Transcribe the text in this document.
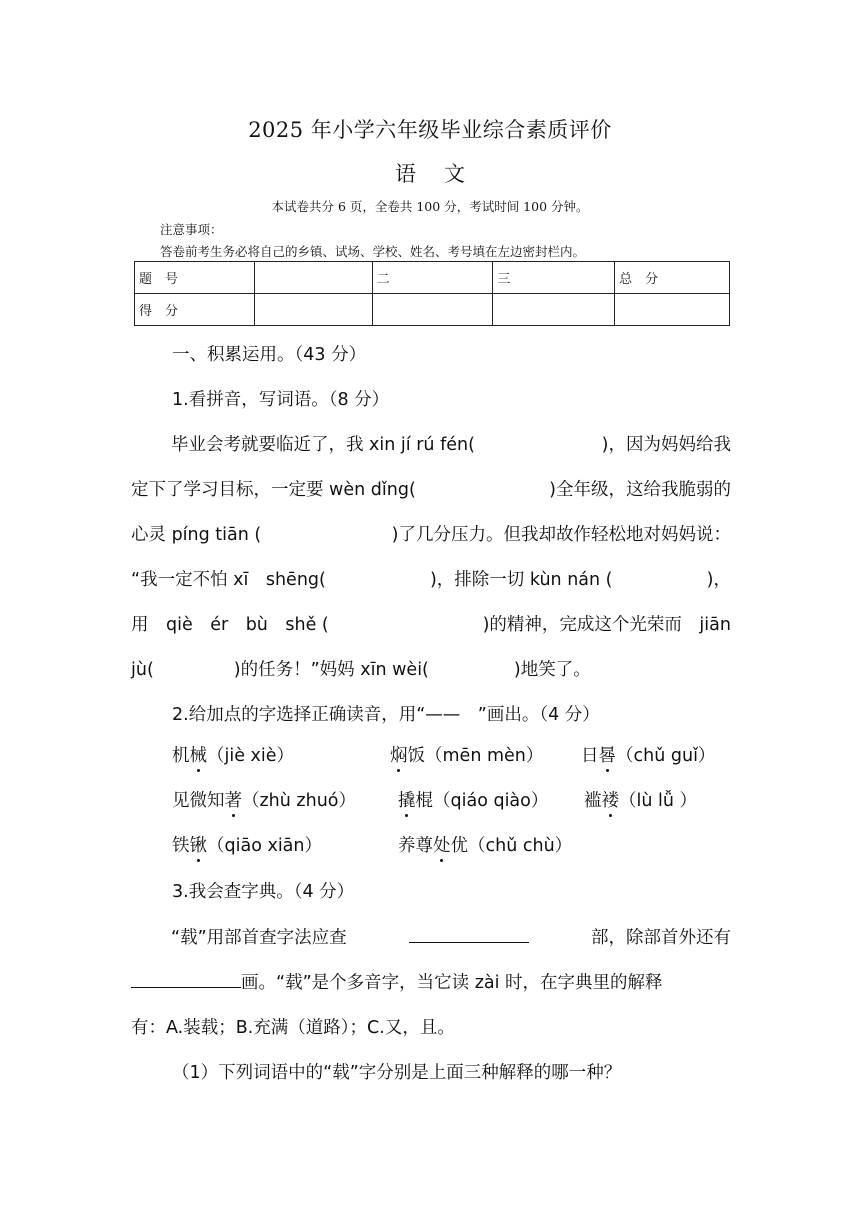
2025 年小学六年级毕业综合素质评价
语 文
本试卷共分 6 页，全卷共 100 分，考试时间 100 分钟。
注意事项：
答卷前考生务必将自己的乡镇、试场、学校、姓名、考号填在左边密封栏内。
题　号		二	三	总　分
得　分				
一、积累运用。（43 分）
1.看拼音，写词语。（8 分）
毕业会考就要临近了，我 xin jí rú fén(	)，因为妈妈给我
定下了学习目标，一定要 wèn dǐng(	)全年级，这给我脆弱的
心灵 píng tiān (	)了几分压力。但我却故作轻松地对妈妈说：
“我一定不怕 xī　shēng(	)，排除一切 kùn nán (	)，
用　qiè　ér　bù　shě (	)的精神，完成这个光荣而　jiān
jù(	)的任务！”妈妈 xīn wèi(	)地笑了。
2.给加点的字选择正确读音，用“——　”画出。（4 分）
机械（jiè xiè）	焖饭（mēn mèn） 日晷（chǔ guǐ）
见微知著（zhù zhuó） 撬棍（qiáo qiào） 褴褛（lù lǚ ）
铁锹（qiāo xiān）	养尊处优（chǔ chù）
3.我会查字典。（4 分）
“载”用部首查字法应查	部，除部首外还有
画。“载”是个多音字，当它读 zài 时，在字典里的解释
有：A.装载；B.充满（道路）；C.又，且。
（1）下列词语中的“载”字分别是上面三种解释的哪一种？
